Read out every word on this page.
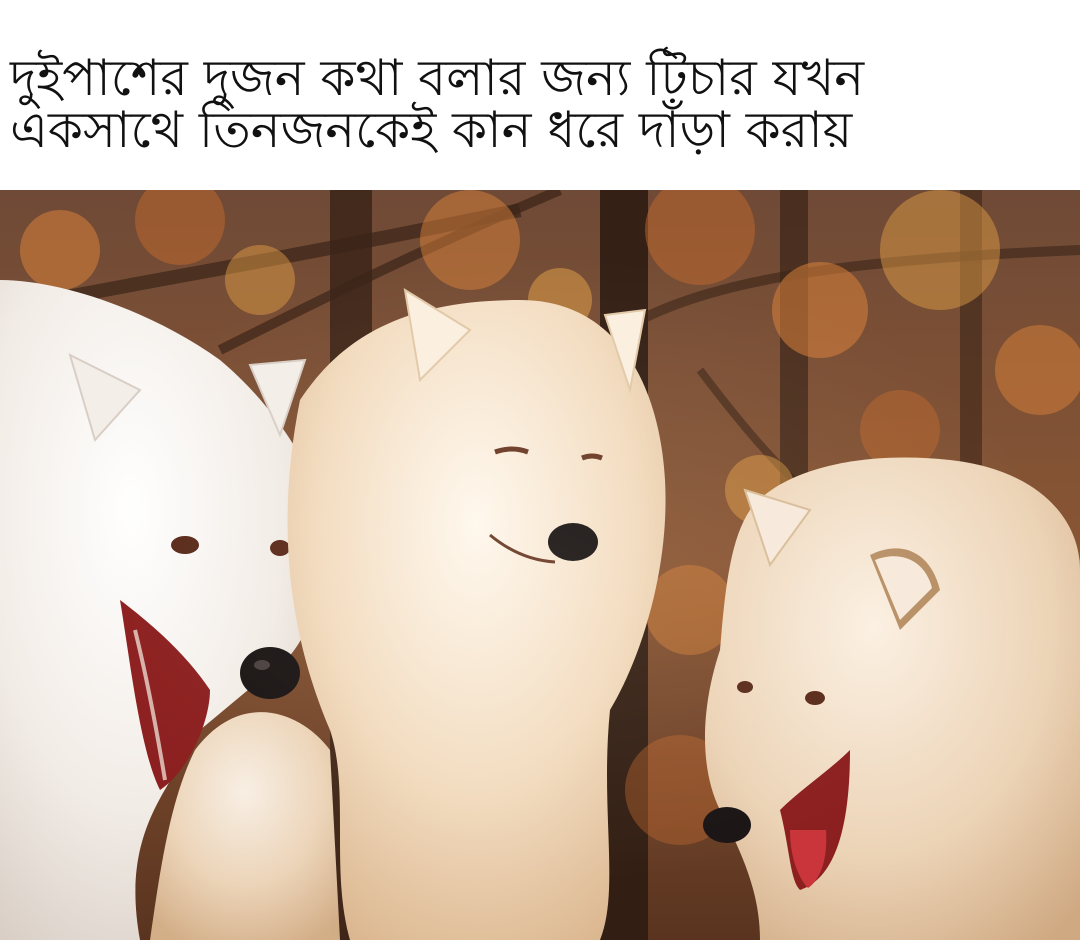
দুইপাশের দুজন কথা বলার জন্য টিচার যখন
একসাথে তিনজনকেই কান ধরে দাঁড়া করায়
